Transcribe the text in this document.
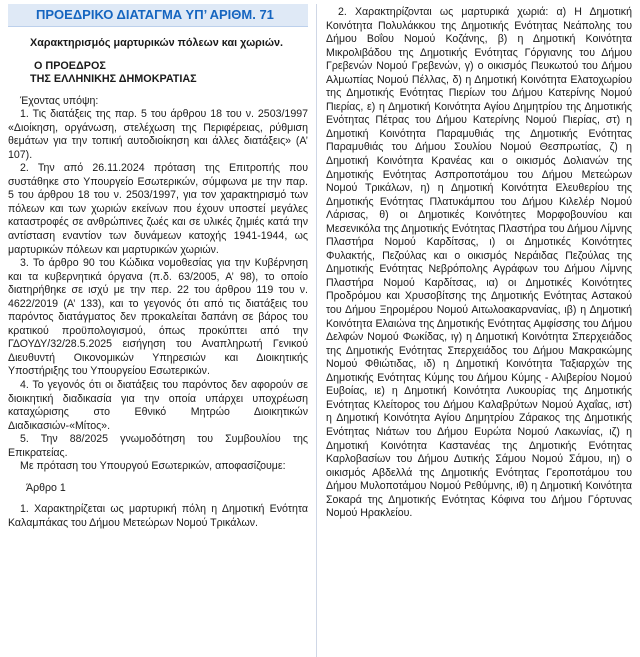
ΠΡΟΕΔΡΙΚΟ ΔΙΑΤΑΓΜΑ ΥΠ’ ΑΡΙΘΜ. 71
Χαρακτηρισμός μαρτυρικών πόλεων και χωριών.
Ο ΠΡΟΕΔΡΟΣ
ΤΗΣ ΕΛΛΗΝΙΚΗΣ ΔΗΜΟΚΡΑΤΙΑΣ

Έχοντας υπόψη:

1. Τις διατάξεις της παρ. 5 του άρθρου 18 του ν. 2503/1997 «Διοίκηση, οργάνωση, στελέχωση της Περιφέρειας, ρύθμιση θεμάτων για την τοπική αυτοδιοίκηση και άλλες διατάξεις» (Α’ 107).

2. Την από 26.11.2024 πρόταση της Επιτροπής που συστάθηκε στο Υπουργείο Εσωτερικών, σύμφωνα με την παρ. 5 του άρθρου 18 του ν. 2503/1997, για τον χαρακτηρισμό των πόλεων και των χωριών εκείνων που έχουν υποστεί μεγάλες καταστροφές σε ανθρώπινες ζωές και σε υλικές ζημιές κατά την αντίσταση εναντίον των δυνάμεων κατοχής 1941-1944, ως μαρτυρικών πόλεων και μαρτυρικών χωριών.

3. Το άρθρο 90 του Κώδικα νομοθεσίας για την Κυβέρνηση και τα κυβερνητικά όργανα (π.δ. 63/2005, Α’ 98), το οποίο διατηρήθηκε σε ισχύ με την περ. 22 του άρθρου 119 του ν. 4622/2019 (Α’ 133), και το γεγονός ότι από τις διατάξεις του παρόντος διατάγματος δεν προκαλείται δαπάνη σε βάρος του κρατικού προϋπολογισμού, όπως προκύπτει από την ΓΔΟΥΔΥ/32/28.5.2025 εισήγηση του Αναπληρωτή Γενικού Διευθυντή Οικονομικών Υπηρεσιών και Διοικητικής Υποστήριξης του Υπουργείου Εσωτερικών.

4. Το γεγονός ότι οι διατάξεις του παρόντος δεν αφορούν σε διοικητική διαδικασία για την οποία υπάρχει υποχρέωση καταχώρισης στο Εθνικό Μητρώο Διοικητικών Διαδικασιών-«Μίτος».

5. Την 88/2025 γνωμοδότηση του Συμβουλίου της Επικρατείας.

Με πρόταση του Υπουργού Εσωτερικών, αποφασίζουμε:

Άρθρο 1

1. Χαρακτηρίζεται ως μαρτυρική πόλη η Δημοτική Ενότητα Καλαμπάκας του Δήμου Μετεώρων Νομού Τρικάλων.

2. Χαρακτηρίζονται ως μαρτυρικά χωριά: α) Η Δημοτική Κοινότητα Πολυλάκκου της Δημοτικής Ενότητας Νεάπολης του Δήμου Βοΐου Νομού Κοζάνης, β) η Δημοτική Κοινότητα Μικρολιβάδου της Δημοτικής Ενότητας Γόργιανης του Δήμου Γρεβενών Νομού Γρεβενών, γ) ο οικισμός Πευκωτού του Δήμου Αλμωπίας Νομού Πέλλας, δ) η Δημοτική Κοινότητα Ελατοχωρίου της Δημοτικής Ενότητας Πιερίων του Δήμου Κατερίνης Νομού Πιερίας, ε) η Δημοτική Κοινότητα Αγίου Δημητρίου της Δημοτικής Ενότητας Πέτρας του Δήμου Κατερίνης Νομού Πιερίας, στ) η Δημοτική Κοινότητα Παραμυθιάς της Δημοτικής Ενότητας Παραμυθιάς του Δήμου Σουλίου Νομού Θεσπρωτίας, ζ) η Δημοτική Κοινότητα Κρανέας και ο οικισμός Δολιανών της Δημοτικής Ενότητας Ασπροποτάμου του Δήμου Μετεώρων Νομού Τρικάλων, η) η Δημοτική Κοινότητα Ελευθερίου της Δημοτικής Ενότητας Πλατυκάμπου του Δήμου Κιλελέρ Νομού Λάρισας, θ) οι Δημοτικές Κοινότητες Μορφοβουνίου και Μεσενικόλα της Δημοτικής Ενότητας Πλαστήρα του Δήμου Λίμνης Πλαστήρα Νομού Καρδίτσας, ι) οι Δημοτικές Κοινότητες Φυλακτής, Πεζούλας και ο οικισμός Νεράιδας Πεζούλας της Δημοτικής Ενότητας Νεβρόπολης Αγράφων του Δήμου Λίμνης Πλαστήρα Νομού Καρδίτσας, ια) οι Δημοτικές Κοινότητες Προδρόμου και Χρυσοβίτσης της Δημοτικής Ενότητας Αστακού του Δήμου Ξηρομέρου Νομού Αιτωλοακαρνανίας, ιβ) η Δημοτική Κοινότητα Ελαιώνα της Δημοτικής Ενότητας Αμφίσσης του Δήμου Δελφών Νομού Φωκίδας, ιγ) η Δημοτική Κοινότητα Σπερχειάδος της Δημοτικής Ενότητας Σπερχειάδος του Δήμου Μακρακώμης Νομού Φθιώτιδας, ιδ) η Δημοτική Κοινότητα Ταξιαρχών της Δημοτικής Ενότητας Κύμης του Δήμου Κύμης - Αλιβερίου Νομού Ευβοίας, ιε) η Δημοτική Κοινότητα Λυκουρίας της Δημοτικής Ενότητας Κλείτορος του Δήμου Καλαβρύτων Νομού Αχαΐας, ιστ) η Δημοτική Κοινότητα Αγίου Δημητρίου Ζάρακος της Δημοτικής Ενότητας Νιάτων του Δήμου Ευρώτα Νομού Λακωνίας, ιζ) η Δημοτική Κοινότητα Καστανέας της Δημοτικής Ενότητας Καρλοβασίων του Δήμου Δυτικής Σάμου Νομού Σάμου, ιη) ο οικισμός Αβδελλά της Δημοτικής Ενότητας Γεροποτάμου του Δήμου Μυλοποτάμου Νομού Ρεθύμνης, ιθ) η Δημοτική Κοινότητα Σοκαρά της Δημοτικής Ενότητας Κόφινα του Δήμου Γόρτυνας Νομού Ηρακλείου.
